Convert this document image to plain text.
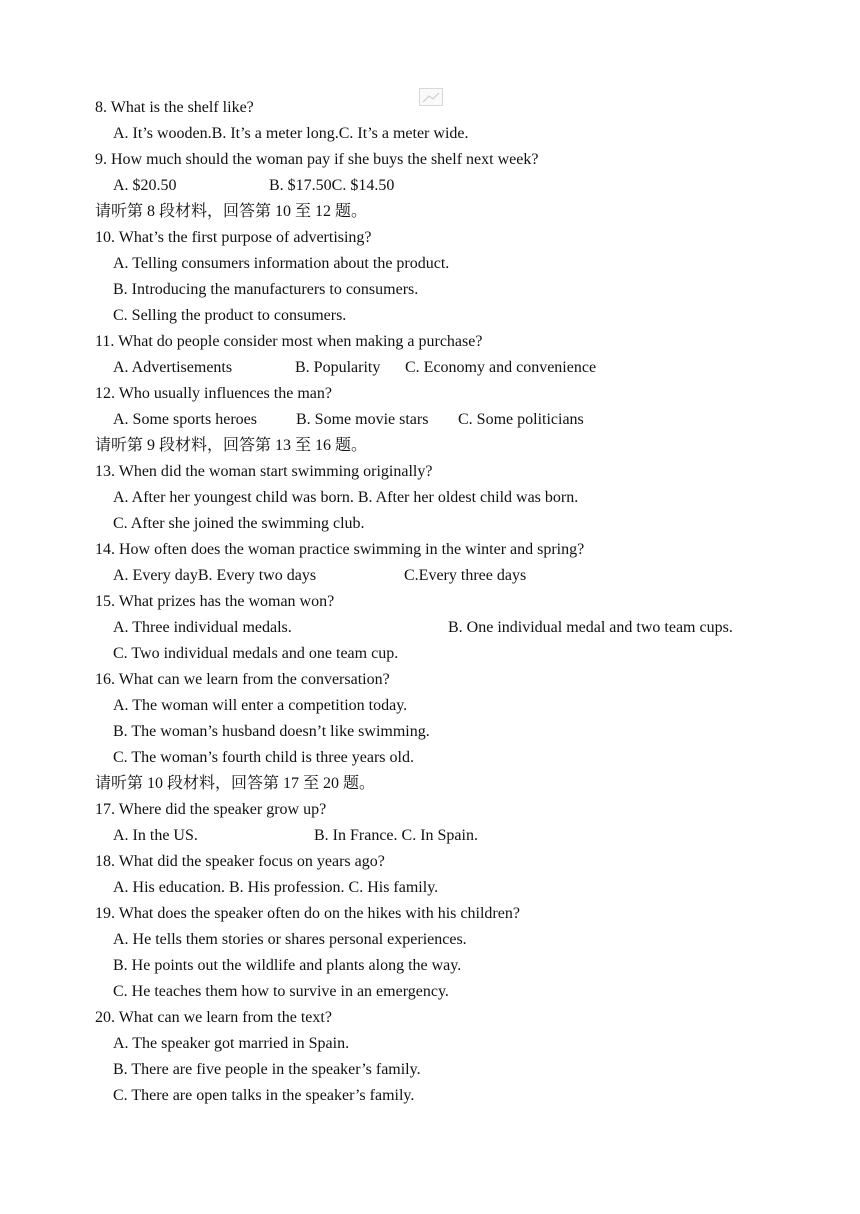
8. What is the shelf like?
A. It’s wooden.B. It’s a meter long.C. It’s a meter wide.
9. How much should the woman pay if she buys the shelf next week?
A. $20.50	B. $17.50C. $14.50
请听第 8 段材料，回答第 10 至 12 题。
10. What’s the first purpose of advertising?
A. Telling consumers information about the product.
B. Introducing the manufacturers to consumers.
C. Selling the product to consumers.
11. What do people consider most when making a purchase?
A. Advertisements	B. Popularity C. Economy and convenience
12. Who usually influences the man?
A. Some sports heroes B. Some movie stars C. Some politicians
请听第 9 段材料，回答第 13 至 16 题。
13. When did the woman start swimming originally?
A. After her youngest child was born. B. After her oldest child was born.
C. After she joined the swimming club.
14. How often does the woman practice swimming in the winter and spring?
A. Every dayB. Every two days	C.Every three days
15. What prizes has the woman won?
A. Three individual medals.	B. One individual medal and two team cups.
C. Two individual medals and one team cup.
16. What can we learn from the conversation?
A. The woman will enter a competition today.
B. The woman’s husband doesn’t like swimming.
C. The woman’s fourth child is three years old.
请听第 10 段材料，回答第 17 至 20 题。
17. Where did the speaker grow up?
A. In the US.	B. In France. C. In Spain.
18. What did the speaker focus on years ago?
A. His education. B. His profession. C. His family.
19. What does the speaker often do on the hikes with his children?
A. He tells them stories or shares personal experiences.
B. He points out the wildlife and plants along the way.
C. He teaches them how to survive in an emergency.
20. What can we learn from the text?
A. The speaker got married in Spain.
B. There are five people in the speaker’s family.
C. There are open talks in the speaker’s family.
